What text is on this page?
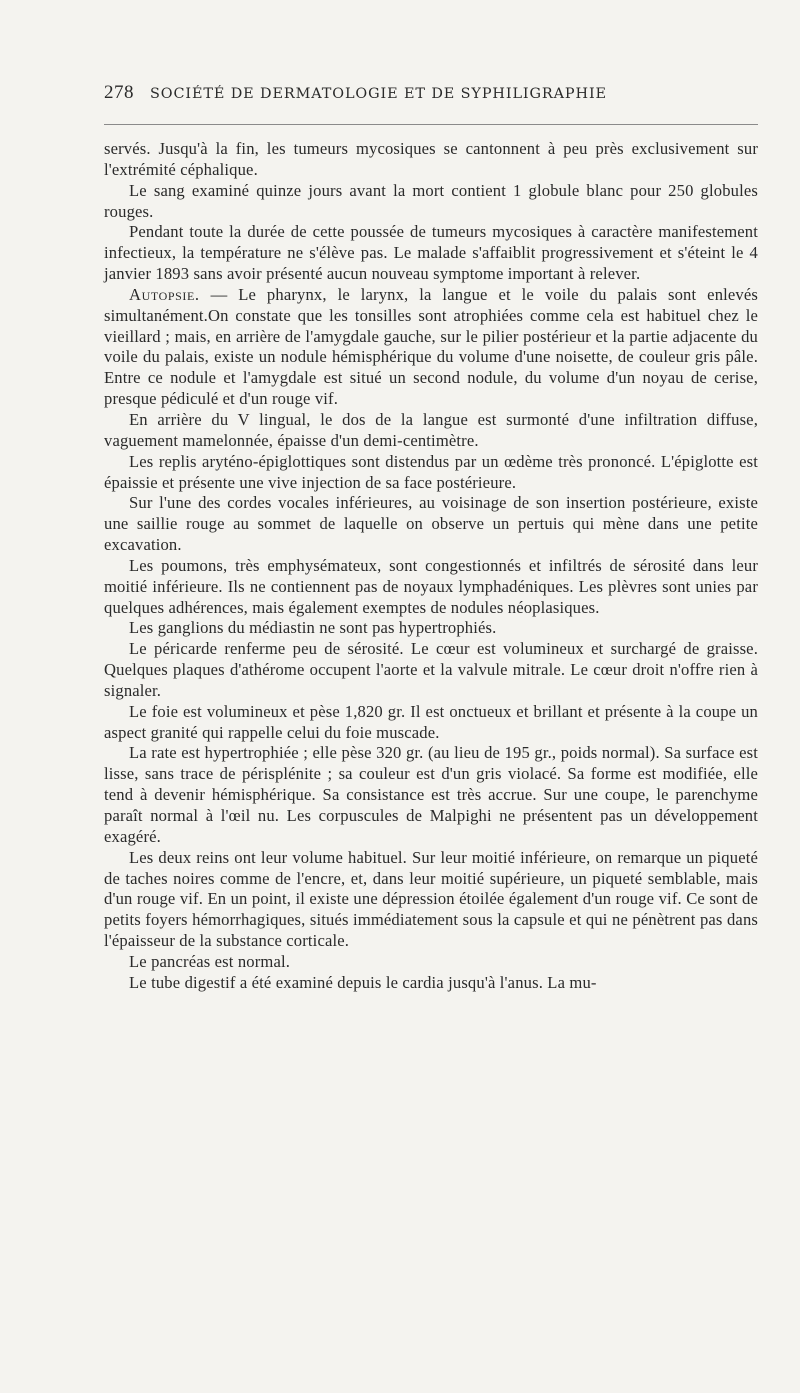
278 SOCIÉTÉ DE DERMATOLOGIE ET DE SYPHILIGRAPHIE

servés. Jusqu'à la fin, les tumeurs mycosiques se cantonnent à peu près exclusivement sur l'extrémité céphalique.

Le sang examiné quinze jours avant la mort contient 1 globule blanc pour 250 globules rouges.

Pendant toute la durée de cette poussée de tumeurs mycosiques à caractère manifestement infectieux, la température ne s'élève pas. Le malade s'affaiblit progressivement et s'éteint le 4 janvier 1893 sans avoir présenté aucun nouveau symptome important à relever.

Autopsie. — Le pharynx, le larynx, la langue et le voile du palais sont enlevés simultanément.On constate que les tonsilles sont atrophiées comme cela est habituel chez le vieillard ; mais, en arrière de l'amygdale gauche, sur le pilier postérieur et la partie adjacente du voile du palais, existe un nodule hémisphérique du volume d'une noisette, de couleur gris pâle. Entre ce nodule et l'amygdale est situé un second nodule, du volume d'un noyau de cerise, presque pédiculé et d'un rouge vif.

En arrière du V lingual, le dos de la langue est surmonté d'une infiltration diffuse, vaguement mamelonnée, épaisse d'un demi-centimètre.

Les replis aryténo-épiglottiques sont distendus par un œdème très prononcé. L'épiglotte est épaissie et présente une vive injection de sa face postérieure.

Sur l'une des cordes vocales inférieures, au voisinage de son insertion postérieure, existe une saillie rouge au sommet de laquelle on observe un pertuis qui mène dans une petite excavation.

Les poumons, très emphysémateux, sont congestionnés et infiltrés de sérosité dans leur moitié inférieure. Ils ne contiennent pas de noyaux lymphadéniques. Les plèvres sont unies par quelques adhérences, mais également exemptes de nodules néoplasiques.

Les ganglions du médiastin ne sont pas hypertrophiés.

Le péricarde renferme peu de sérosité. Le cœur est volumineux et surchargé de graisse. Quelques plaques d'athérome occupent l'aorte et la valvule mitrale. Le cœur droit n'offre rien à signaler.

Le foie est volumineux et pèse 1,820 gr. Il est onctueux et brillant et présente à la coupe un aspect granité qui rappelle celui du foie muscade.

La rate est hypertrophiée ; elle pèse 320 gr. (au lieu de 195 gr., poids normal). Sa surface est lisse, sans trace de périsplénite ; sa couleur est d'un gris violacé. Sa forme est modifiée, elle tend à devenir hémisphérique. Sa consistance est très accrue. Sur une coupe, le parenchyme paraît normal à l'œil nu. Les corpuscules de Malpighi ne présentent pas un développement exagéré.

Les deux reins ont leur volume habituel. Sur leur moitié inférieure, on remarque un piqueté de taches noires comme de l'encre, et, dans leur moitié supérieure, un piqueté semblable, mais d'un rouge vif. En un point, il existe une dépression étoilée également d'un rouge vif. Ce sont de petits foyers hémorrhagiques, situés immédiatement sous la capsule et qui ne pénètrent pas dans l'épaisseur de la substance corticale.

Le pancréas est normal.

Le tube digestif a été examiné depuis le cardia jusqu'à l'anus. La mu-
